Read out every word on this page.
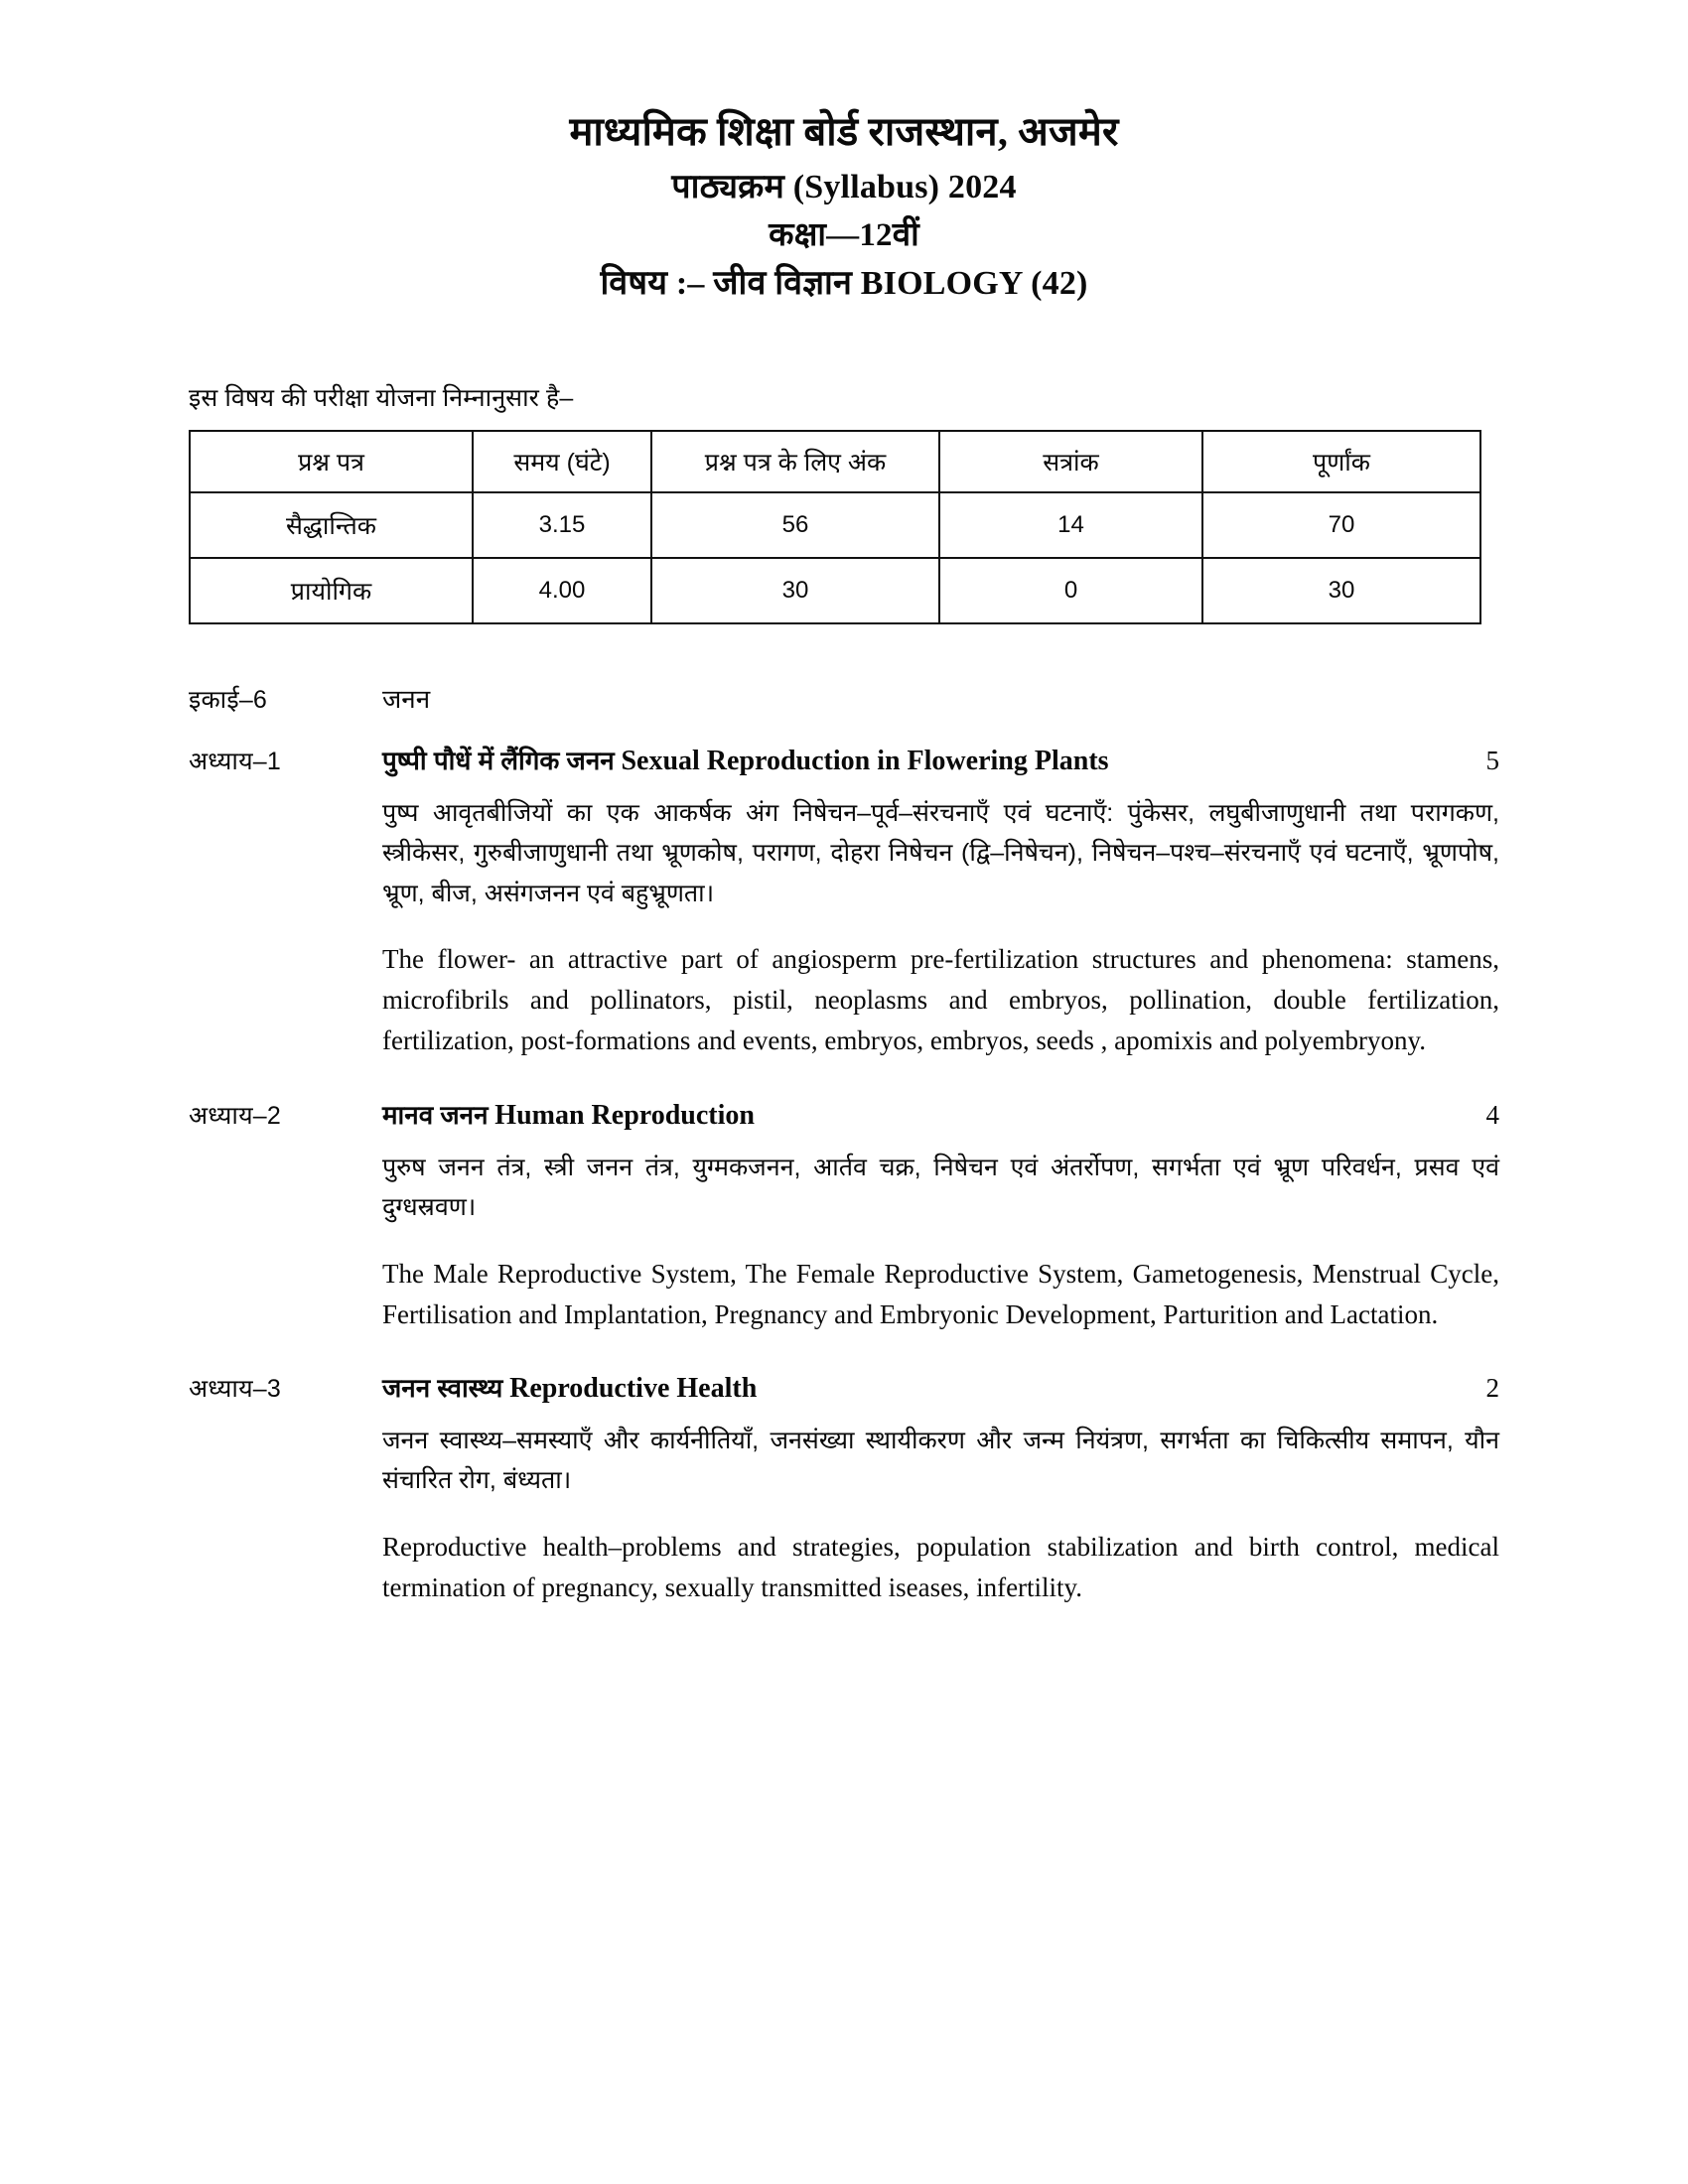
माध्यमिक शिक्षा बोर्ड राजस्थान, अजमेर
पाठ्यक्रम (Syllabus) 2024
कक्षा—12वीं
विषय :– जीव विज्ञान BIOLOGY (42)
इस विषय की परीक्षा योजना निम्नानुसार है–
प्रश्न पत्र	समय (घंटे)	प्रश्न पत्र के लिए अंक	सत्रांक	पूर्णांक
सैद्धान्तिक	3.15	56	14	70
प्रायोगिक	4.00	30	0	30
इकाई–6	जनन
अध्याय–1	पुष्पी पौधें में लैंगिक जनन Sexual Reproduction in Flowering Plants	5

पुष्प आवृतबीजियों का एक आकर्षक अंग निषेचन–पूर्व–संरचनाएँ एवं घटनाएँ: पुंकेसर, लघुबीजाणुधानी तथा परागकण, स्त्रीकेसर, गुरुबीजाणुधानी तथा भ्रूणकोष, परागण, दोहरा निषेचन (द्वि–निषेचन), निषेचन–पश्च–संरचनाएँ एवं घटनाएँ, भ्रूणपोष, भ्रूण, बीज, असंगजनन एवं बहुभ्रूणता।

The flower- an attractive part of angiosperm pre-fertilization structures and phenomena: stamens, microfibrils and pollinators, pistil, neoplasms and embryos, pollination, double fertilization, fertilization, post-formations and events, embryos, embryos, seeds , apomixis and polyembryony.

अध्याय–2	मानव जनन Human Reproduction	4

पुरुष जनन तंत्र, स्त्री जनन तंत्र, युग्मकजनन, आर्तव चक्र, निषेचन एवं अंतर्रोपण, सगर्भता एवं भ्रूण परिवर्धन, प्रसव एवं दुग्धस्रवण।

The Male Reproductive System, The Female Reproductive System, Gametogenesis, Menstrual Cycle, Fertilisation and Implantation, Pregnancy and Embryonic Development, Parturition and Lactation.

अध्याय–3	जनन स्वास्थ्य Reproductive Health	2

जनन स्वास्थ्य–समस्याएँ और कार्यनीतियाँ, जनसंख्या स्थायीकरण और जन्म नियंत्रण, सगर्भता का चिकित्सीय समापन, यौन संचारित रोग, बंध्यता।

Reproductive health–problems and strategies, population stabilization and birth control, medical termination of pregnancy, sexually transmitted iseases, infertility.
